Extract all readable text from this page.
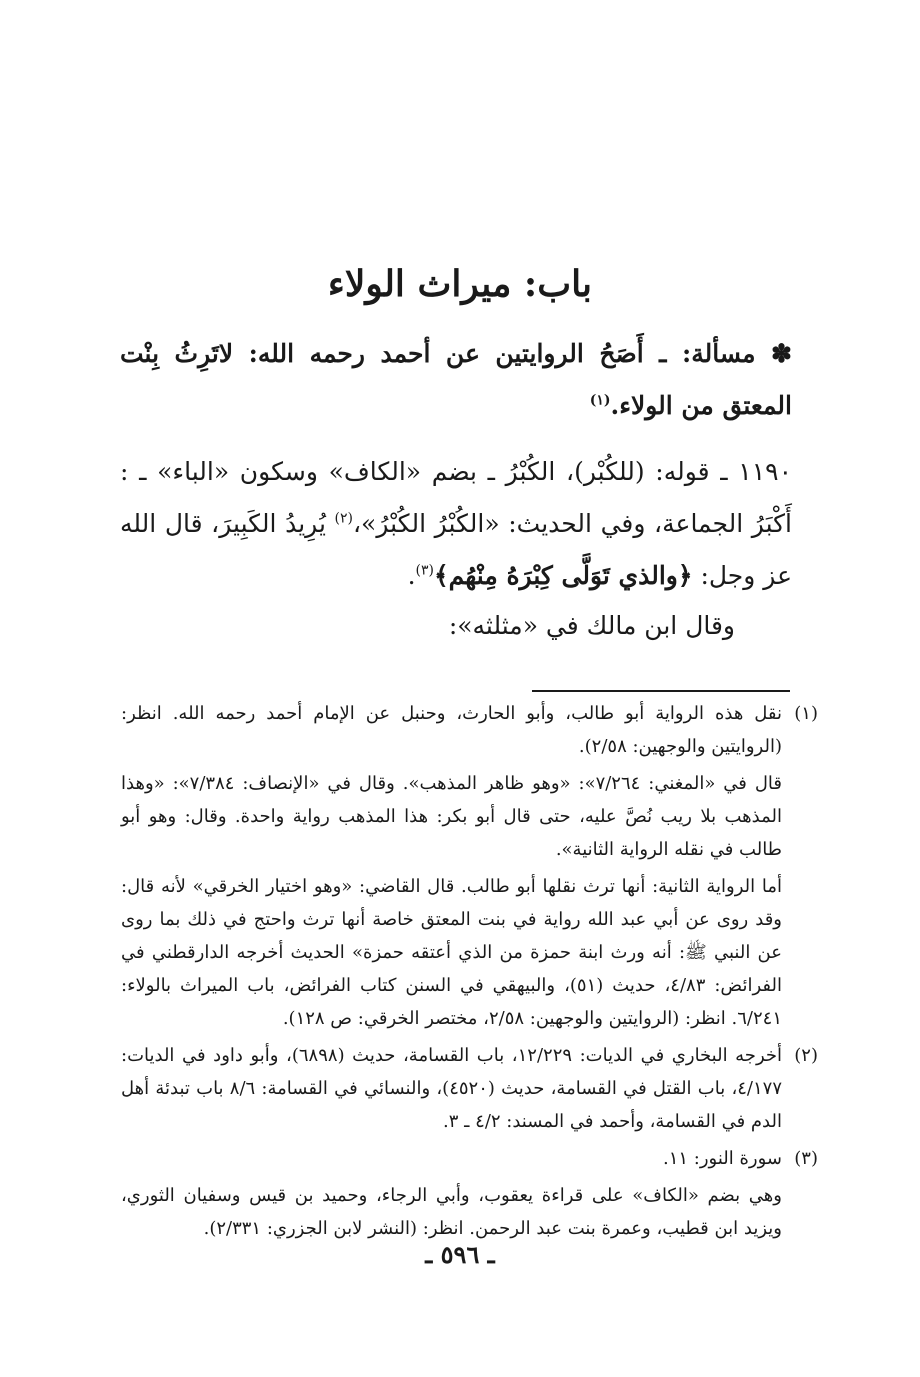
باب: ميراث الولاء
✽ مسألة: ـ أَصَحُ الروايتين عن أحمد رحمه الله: لاتَرِثُ بِنْت المعتق من الولاء.$^{(١)}$
١١٩٠ ـ قوله: (للكُبْر)، الكُبْرُ ـ بضم «الكاف» وسكون «الباء» ـ : أَكْبَرُ الجماعة، وفي الحديث: «الكُبْرُ الكُبْرُ»،$^{(٢)}$ يُرِيدُ الكَبِيرَ، قال الله عز وجل: ﴿والذي تَوَلَّى كِبْرَهُ مِنْهُم﴾$^{(٣)}$.
وقال ابن مالك في «مثلثه»:
(١)

نقل هذه الرواية أبو طالب، وأبو الحارث، وحنبل عن الإمام أحمد رحمه الله. انظر: (الروايتين والوجهين: ٢/٥٨).

قال في «المغني: ٧/٢٦٤»: «وهو ظاهر المذهب». وقال في «الإنصاف: ٧/٣٨٤»: «وهذا المذهب بلا ريب نُصَّ عليه، حتى قال أبو بكر: هذا المذهب رواية واحدة. وقال: وهو أبو طالب في نقله الرواية الثانية».

أما الرواية الثانية: أنها ترث نقلها أبو طالب. قال القاضي: «وهو اختيار الخرقي» لأنه قال: وقد روى عن أبي عبد الله رواية في بنت المعتق خاصة أنها ترث واحتج في ذلك بما روى عن النبي ﷺ: أنه ورث ابنة حمزة من الذي أعتقه حمزة» الحديث أخرجه الدارقطني في الفرائض: ٤/٨٣، حديث (٥١)، والبيهقي في السنن كتاب الفرائض، باب الميراث بالولاء: ٦/٢٤١. انظر: (الروايتين والوجهين: ٢/٥٨، مختصر الخرقي: ص ١٢٨).

(٢)

أخرجه البخاري في الديات: ١٢/٢٢٩، باب القسامة، حديث (٦٨٩٨)، وأبو داود في الديات: ٤/١٧٧، باب القتل في القسامة، حديث (٤٥٢٠)، والنسائي في القسامة: ٨/٦ باب تبدئة أهل الدم في القسامة، وأحمد في المسند: ٤/٢ ـ ٣.

(٣)

سورة النور: ١١.

وهي بضم «الكاف» على قراءة يعقوب، وأبي الرجاء، وحميد بن قيس وسفيان الثوري، ويزيد ابن قطيب، وعمرة بنت عبد الرحمن. انظر: (النشر لابن الجزري: ٢/٣٣١).

ـ ٥٩٦ ـ
